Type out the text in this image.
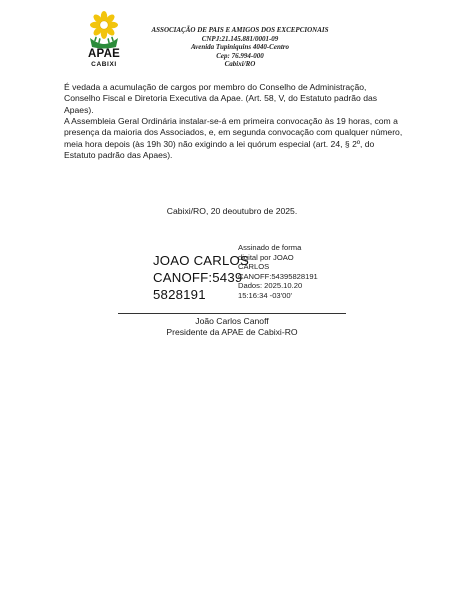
APAE
CABIXI
ASSOCIAÇÃO DE PAIS E AMIGOS DOS EXCEPCIONAIS
CNPJ:21.145.881/0001-09
Avenida Tupiniquins 4040-Centro
Cep: 76.994-000
Cabixi/RO

É vedada a acumulação de cargos por membro do Conselho de Administração, Conselho Fiscal e Diretoria Executiva da Apae. (Art. 58, V, do Estatuto padrão das Apaes).

A Assembleia Geral Ordinária instalar-se-á em primeira convocação às 19 horas, com a presença da maioria dos Associados, e, em segunda convocação com qualquer número, meia hora depois (às 19h 30) não exigindo a lei quórum especial (art. 24, § 2º, do Estatuto padrão das Apaes).

Cabixi/RO, 20 deoutubro de 2025.

JOAO CARLOS
CANOFF:5439
5828191
Assinado de forma
digital por JOAO
CARLOS
CANOFF:54395828191
Dados: 2025.10.20
15:16:34 -03'00'
João Carlos Canoff
Presidente da APAE de Cabixi-RO
